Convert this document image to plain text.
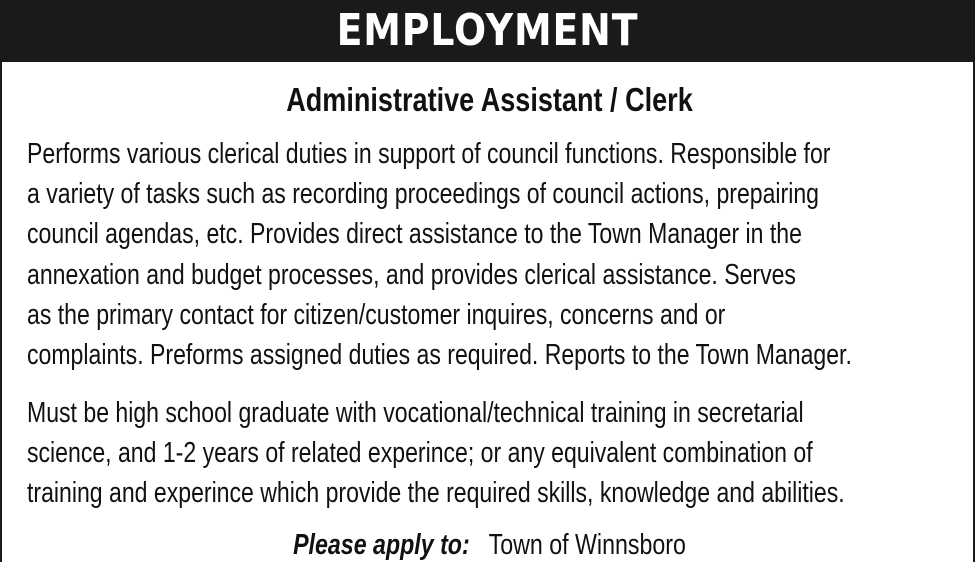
EMPLOYMENT
Administrative Assistant / Clerk

Performs various clerical duties in support of council functions. Responsible for
a variety of tasks such as recording proceedings of council actions, prepairing
council agendas, etc. Provides direct assistance to the Town Manager in the
annexation and budget processes, and provides clerical assistance. Serves
as the primary contact for citizen/customer inquires, concerns and or
complaints. Preforms assigned duties as required. Reports to the Town Manager.

Must be high school graduate with vocational/technical training in secretarial
science, and 1-2 years of related experince; or any equivalent combination of
training and experince which provide the required skills, knowledge and abilities.

Please apply to: Town of Winnsboro
